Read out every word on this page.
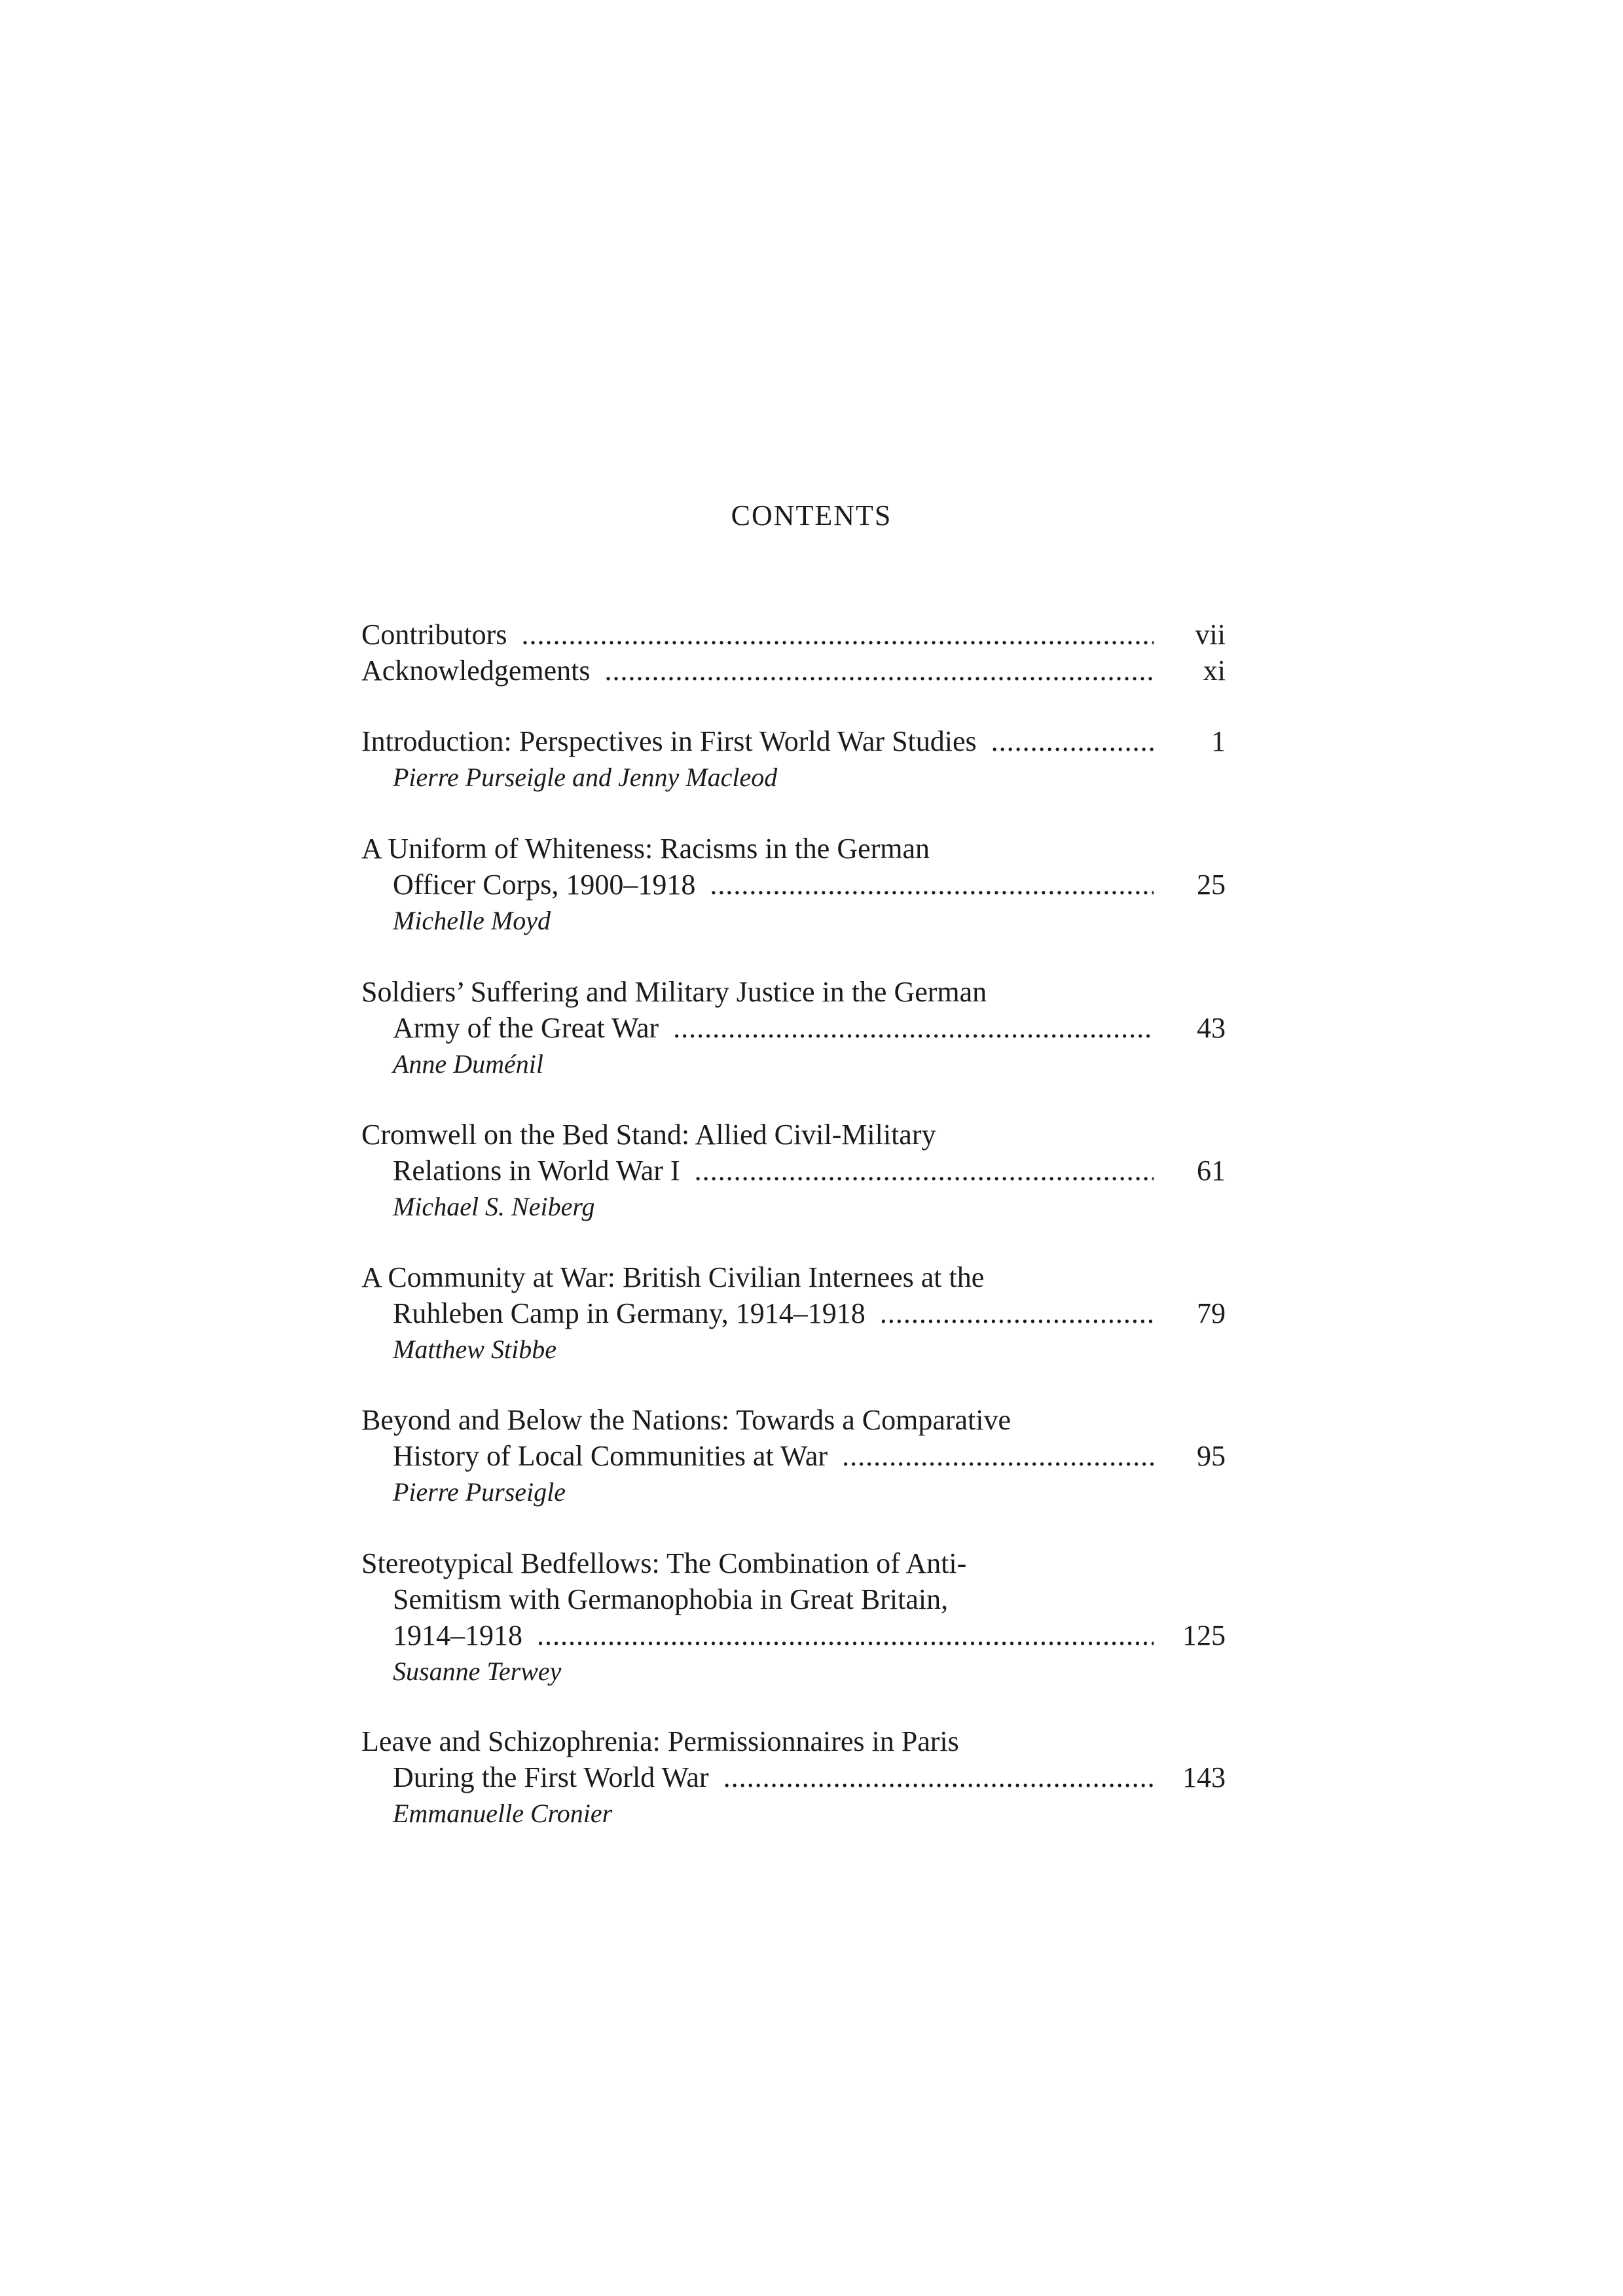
CONTENTS
Contributors .....	vii
Acknowledgements .....	xi
Introduction: Perspectives in First World War Studies .....	1
Pierre Purseigle and Jenny Macleod
A Uniform of Whiteness: Racisms in the German
Officer Corps, 1900–1918 .....	25
Michelle Moyd
Soldiers’ Suffering and Military Justice in the German
Army of the Great War .....	43
Anne Duménil
Cromwell on the Bed Stand: Allied Civil-Military
Relations in World War I .....	61
Michael S. Neiberg
A Community at War: British Civilian Internees at the
Ruhleben Camp in Germany, 1914–1918 .....	79
Matthew Stibbe
Beyond and Below the Nations: Towards a Comparative
History of Local Communities at War .....	95
Pierre Purseigle
Stereotypical Bedfellows: The Combination of Anti-
Semitism with Germanophobia in Great Britain,
1914–1918 .....	125
Susanne Terwey
Leave and Schizophrenia: Permissionnaires in Paris
During the First World War .....	143
Emmanuelle Cronier
